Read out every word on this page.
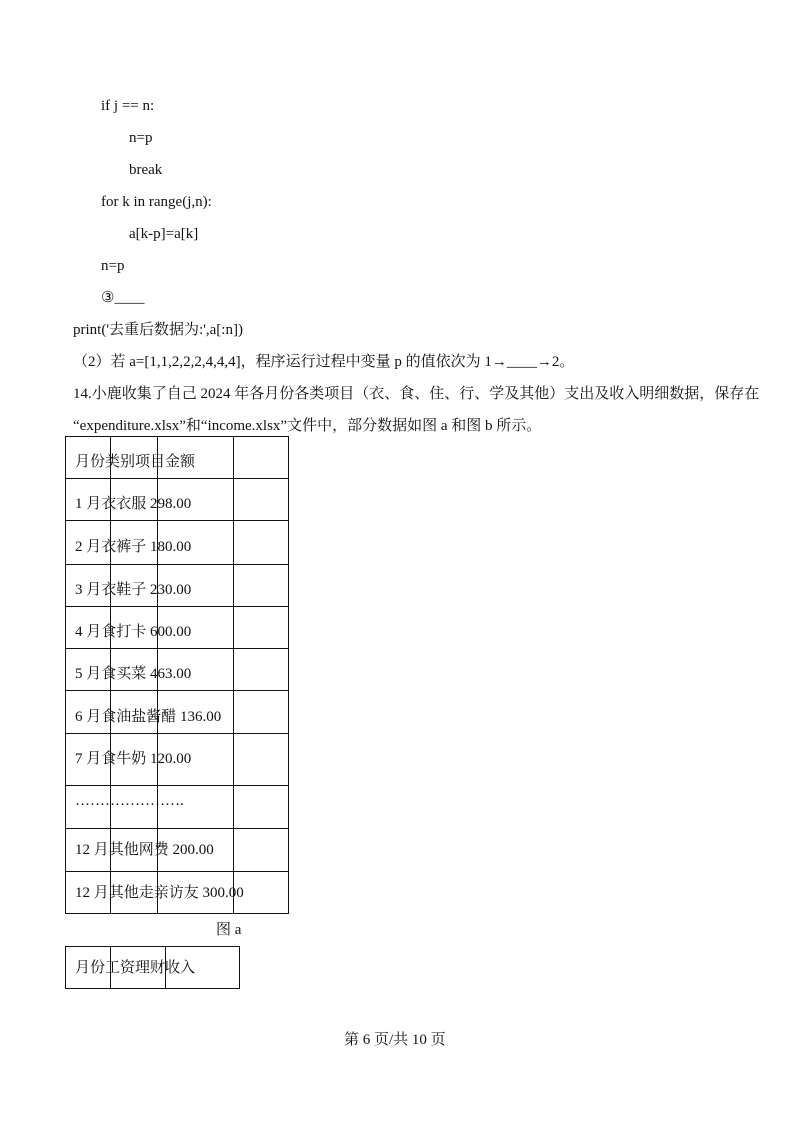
if j == n:
n=p
break
for k in range(j,n):
a[k-p]=a[k]
n=p
③____
print('去重后数据为:',a[:n])
（2）若 a=[1,1,2,2,2,4,4,4]，程序运行过程中变量 p 的值依次为 1→____→2。
14.小鹿收集了自己 2024 年各月份各类项目（衣、食、住、行、学及其他）支出及收入明细数据，保存在
“expenditure.xlsx”和“income.xlsx”文件中，部分数据如图 a 和图 b 所示。
月份类别项目金额
1 月衣衣服 298.00
2 月衣裤子 180.00
3 月衣鞋子 230.00
4 月食打卡 600.00
5 月食买菜 463.00
6 月食油盐酱醋 136.00
7 月食牛奶 120.00
………………….
12 月其他网费 200.00
12 月其他走亲访友 300.00
图 a
月份工资理财收入
第 6 页/共 10 页
